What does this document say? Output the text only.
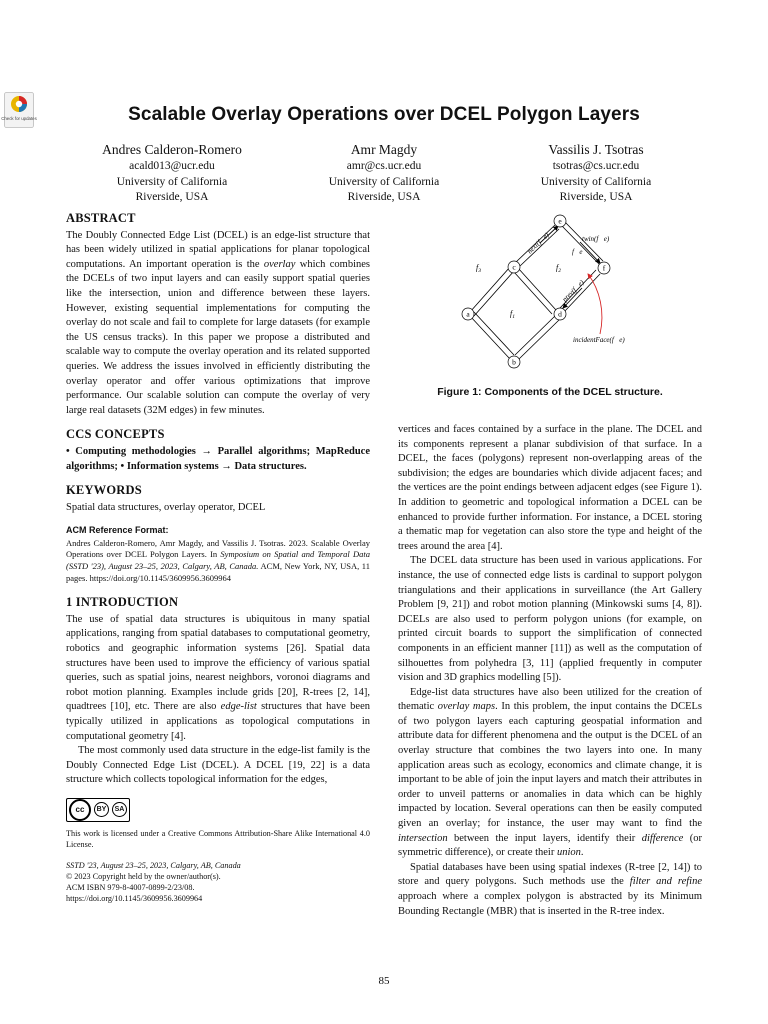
Check for updates	Scalable Overlay Operations over DCEL Polygon Layers
Andres Calderon-Romero
acald013@ucr.edu
University of California
Riverside, USA
Amr Magdy
amr@cs.ucr.edu
University of California
Riverside, USA
Vassilis J. Tsotras
tsotras@cs.ucr.edu
University of California
Riverside, USA
ABSTRACT

The Doubly Connected Edge List (DCEL) is an edge-list structure that has been widely utilized in spatial applications for planar topological computations. An important operation is the overlay which combines the DCELs of two input layers and can easily support spatial queries like the intersection, union and difference between these layers. However, existing sequential implementations for computing the overlay do not scale and fail to complete for large datasets (for example the US census tracks). In this paper we propose a distributed and scalable way to compute the overlay operation and its related supported queries. We address the issues involved in efficiently distributing the overlay operator and offer various optimizations that improve performance. Our scalable solution can compute the overlay of very large real datasets (32M edges) in few minutes.

CCS CONCEPTS

• Computing methodologies → Parallel algorithms; MapReduce algorithms; • Information systems → Data structures.

KEYWORDS

Spatial data structures, overlay operator, DCEL

ACM Reference Format:

Andres Calderon-Romero, Amr Magdy, and Vassilis J. Tsotras. 2023. Scalable Overlay Operations over DCEL Polygon Layers. In Symposium on Spatial and Temporal Data (SSTD '23), August 23–25, 2023, Calgary, AB, Canada. ACM, New York, NY, USA, 11 pages. https://doi.org/10.1145/3609956.3609964

1 INTRODUCTION

The use of spatial data structures is ubiquitous in many spatial applications, ranging from spatial databases to computational geometry, robotics and geographic information systems [26]. Spatial data structures have been used to improve the efficiency of various spatial queries, such as spatial joins, nearest neighbors, voronoi diagrams and robot motion planning. Examples include grids [20], R-trees [2, 14], quadtrees [10], etc. There are also edge-list structures that have been typically utilized in applications as topological computations in computational geometry [4].

The most commonly used data structure in the edge-list family is the Doubly Connected Edge List (DCEL). A DCEL [19, 22] is a data structure which collects topological information for the edges,

cc	BY	SA
This work is licensed under a Creative Commons Attribution-Share Alike International 4.0 License.
SSTD '23, August 23–25, 2023, Calgary, AB, Canada
© 2023 Copyright held by the owner/author(s).
ACM ISBN 979-8-4007-0899-2/23/08.
https://doi.org/10.1145/3609956.3609964
a
b
c
d
e
f
$f_3$
$f_1$
$f_2$
next(f⃗e)	twin(f⃗e)
f⃗e
prev(f⃗e)
incidentFace(f⃗e)
Figure 1: Components of the DCEL structure.

vertices and faces contained by a surface in the plane. The DCEL and its components represent a planar subdivision of that surface. In a DCEL, the faces (polygons) represent non-overlapping areas of the subdivision; the edges are boundaries which divide adjacent faces; and the vertices are the point endings between adjacent edges (see Figure 1). In addition to geometric and topological information a DCEL can be enhanced to provide further information. For instance, a DCEL storing a thematic map for vegetation can also store the type and height of the trees around the area [4].

The DCEL data structure has been used in various applications. For instance, the use of connected edge lists is cardinal to support polygon triangulations and their applications in surveillance (the Art Gallery Problem [9, 21]) and robot motion planning (Minkowski sums [4, 8]). DCELs are also used to perform polygon unions (for example, on printed circuit boards to support the simplification of connected components in an efficient manner [11]) as well as the computation of silhouettes from polyhedra [3, 11] (applied frequently in computer vision and 3D graphics modelling [5]).

Edge-list data structures have also been utilized for the creation of thematic overlay maps. In this problem, the input contains the DCELs of two polygon layers each capturing geospatial information and attribute data for different phenomena and the output is the DCEL of an overlay structure that combines the two layers into one. In many application areas such as ecology, economics and climate change, it is important to be able of join the input layers and match their attributes in order to unveil patterns or anomalies in data which can be highly impacted by location. Several operations can then be easily computed given an overlay; for instance, the user may want to find the intersection between the input layers, identify their difference (or symmetric difference), or create their union.

Spatial databases have been using spatial indexes (R-tree [2, 14]) to store and query polygons. Such methods use the filter and refine approach where a complex polygon is abstracted by its Minimum Bounding Rectangle (MBR) that is inserted in the R-tree index.

85
